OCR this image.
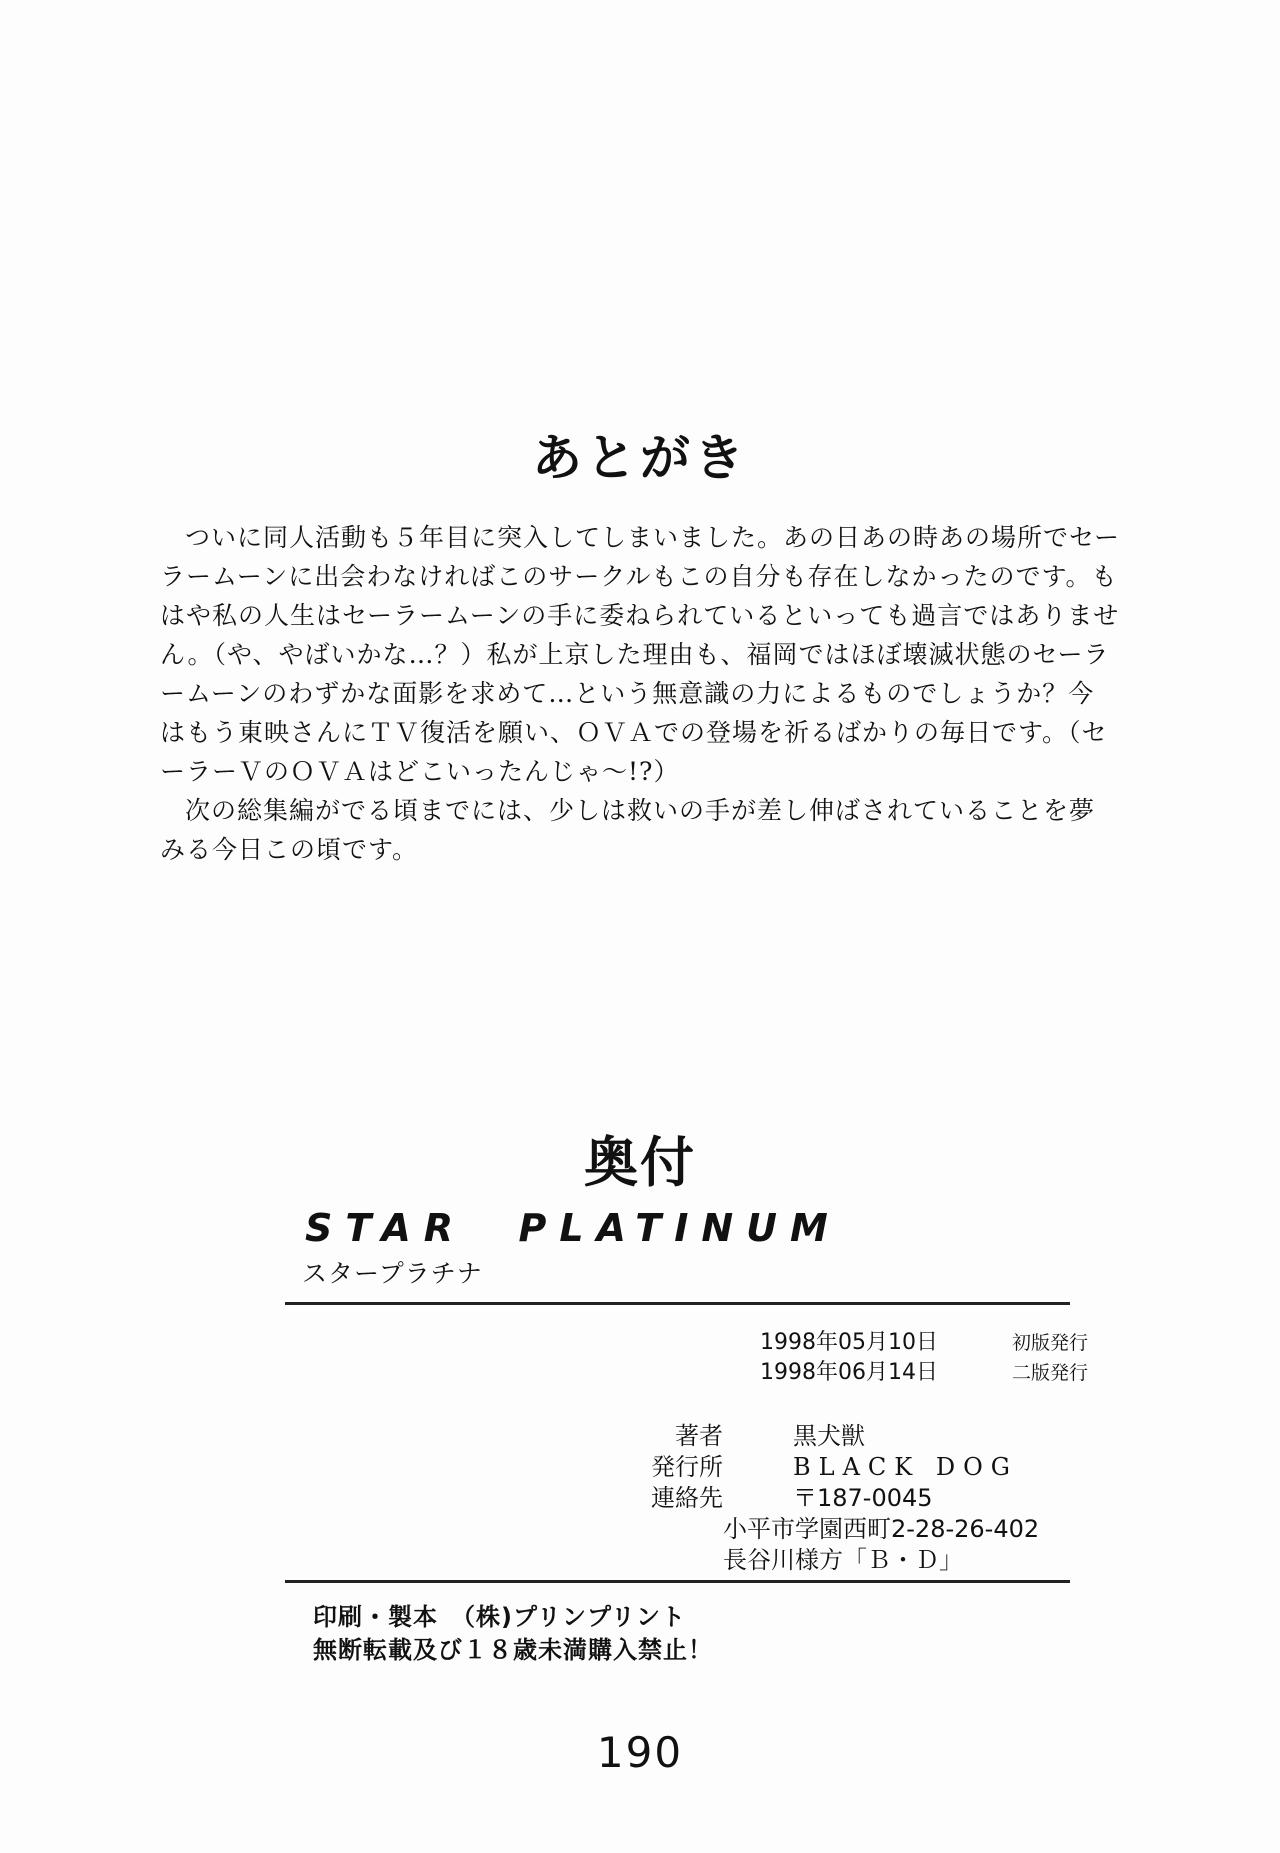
あとがき

ついに同人活動も５年目に突入してしまいました。あの日あの時あの場所でセーラームーンに出会わなければこのサークルもこの自分も存在しなかったのです。もはや私の人生はセーラームーンの手に委ねられているといっても過言ではありません。（や、やばいかな…？）私が上京した理由も、福岡ではほぼ壊滅状態のセーラームーンのわずかな面影を求めて…という無意識の力によるものでしょうか？今はもう東映さんにＴＶ復活を願い、ＯＶＡでの登場を祈るばかりの毎日です。（セーラーＶのＯＶＡはどこいったんじゃ～!?）

次の総集編がでる頃までには、少しは救いの手が差し伸ばされていることを夢みる今日この頃です。

奥付
STAR  PLATINUM
スタープラチナ
1998年05月10日	初版発行
1998年06月14日	二版発行
著者	黒犬獣
発行所	BLACK DOG
連絡先	〒187-0045
小平市学園西町2-28-26-402
長谷川様方「Ｂ・Ｄ」
印刷・製本　（株)プリンプリント
無断転載及び１８歳未満購入禁止！
190
